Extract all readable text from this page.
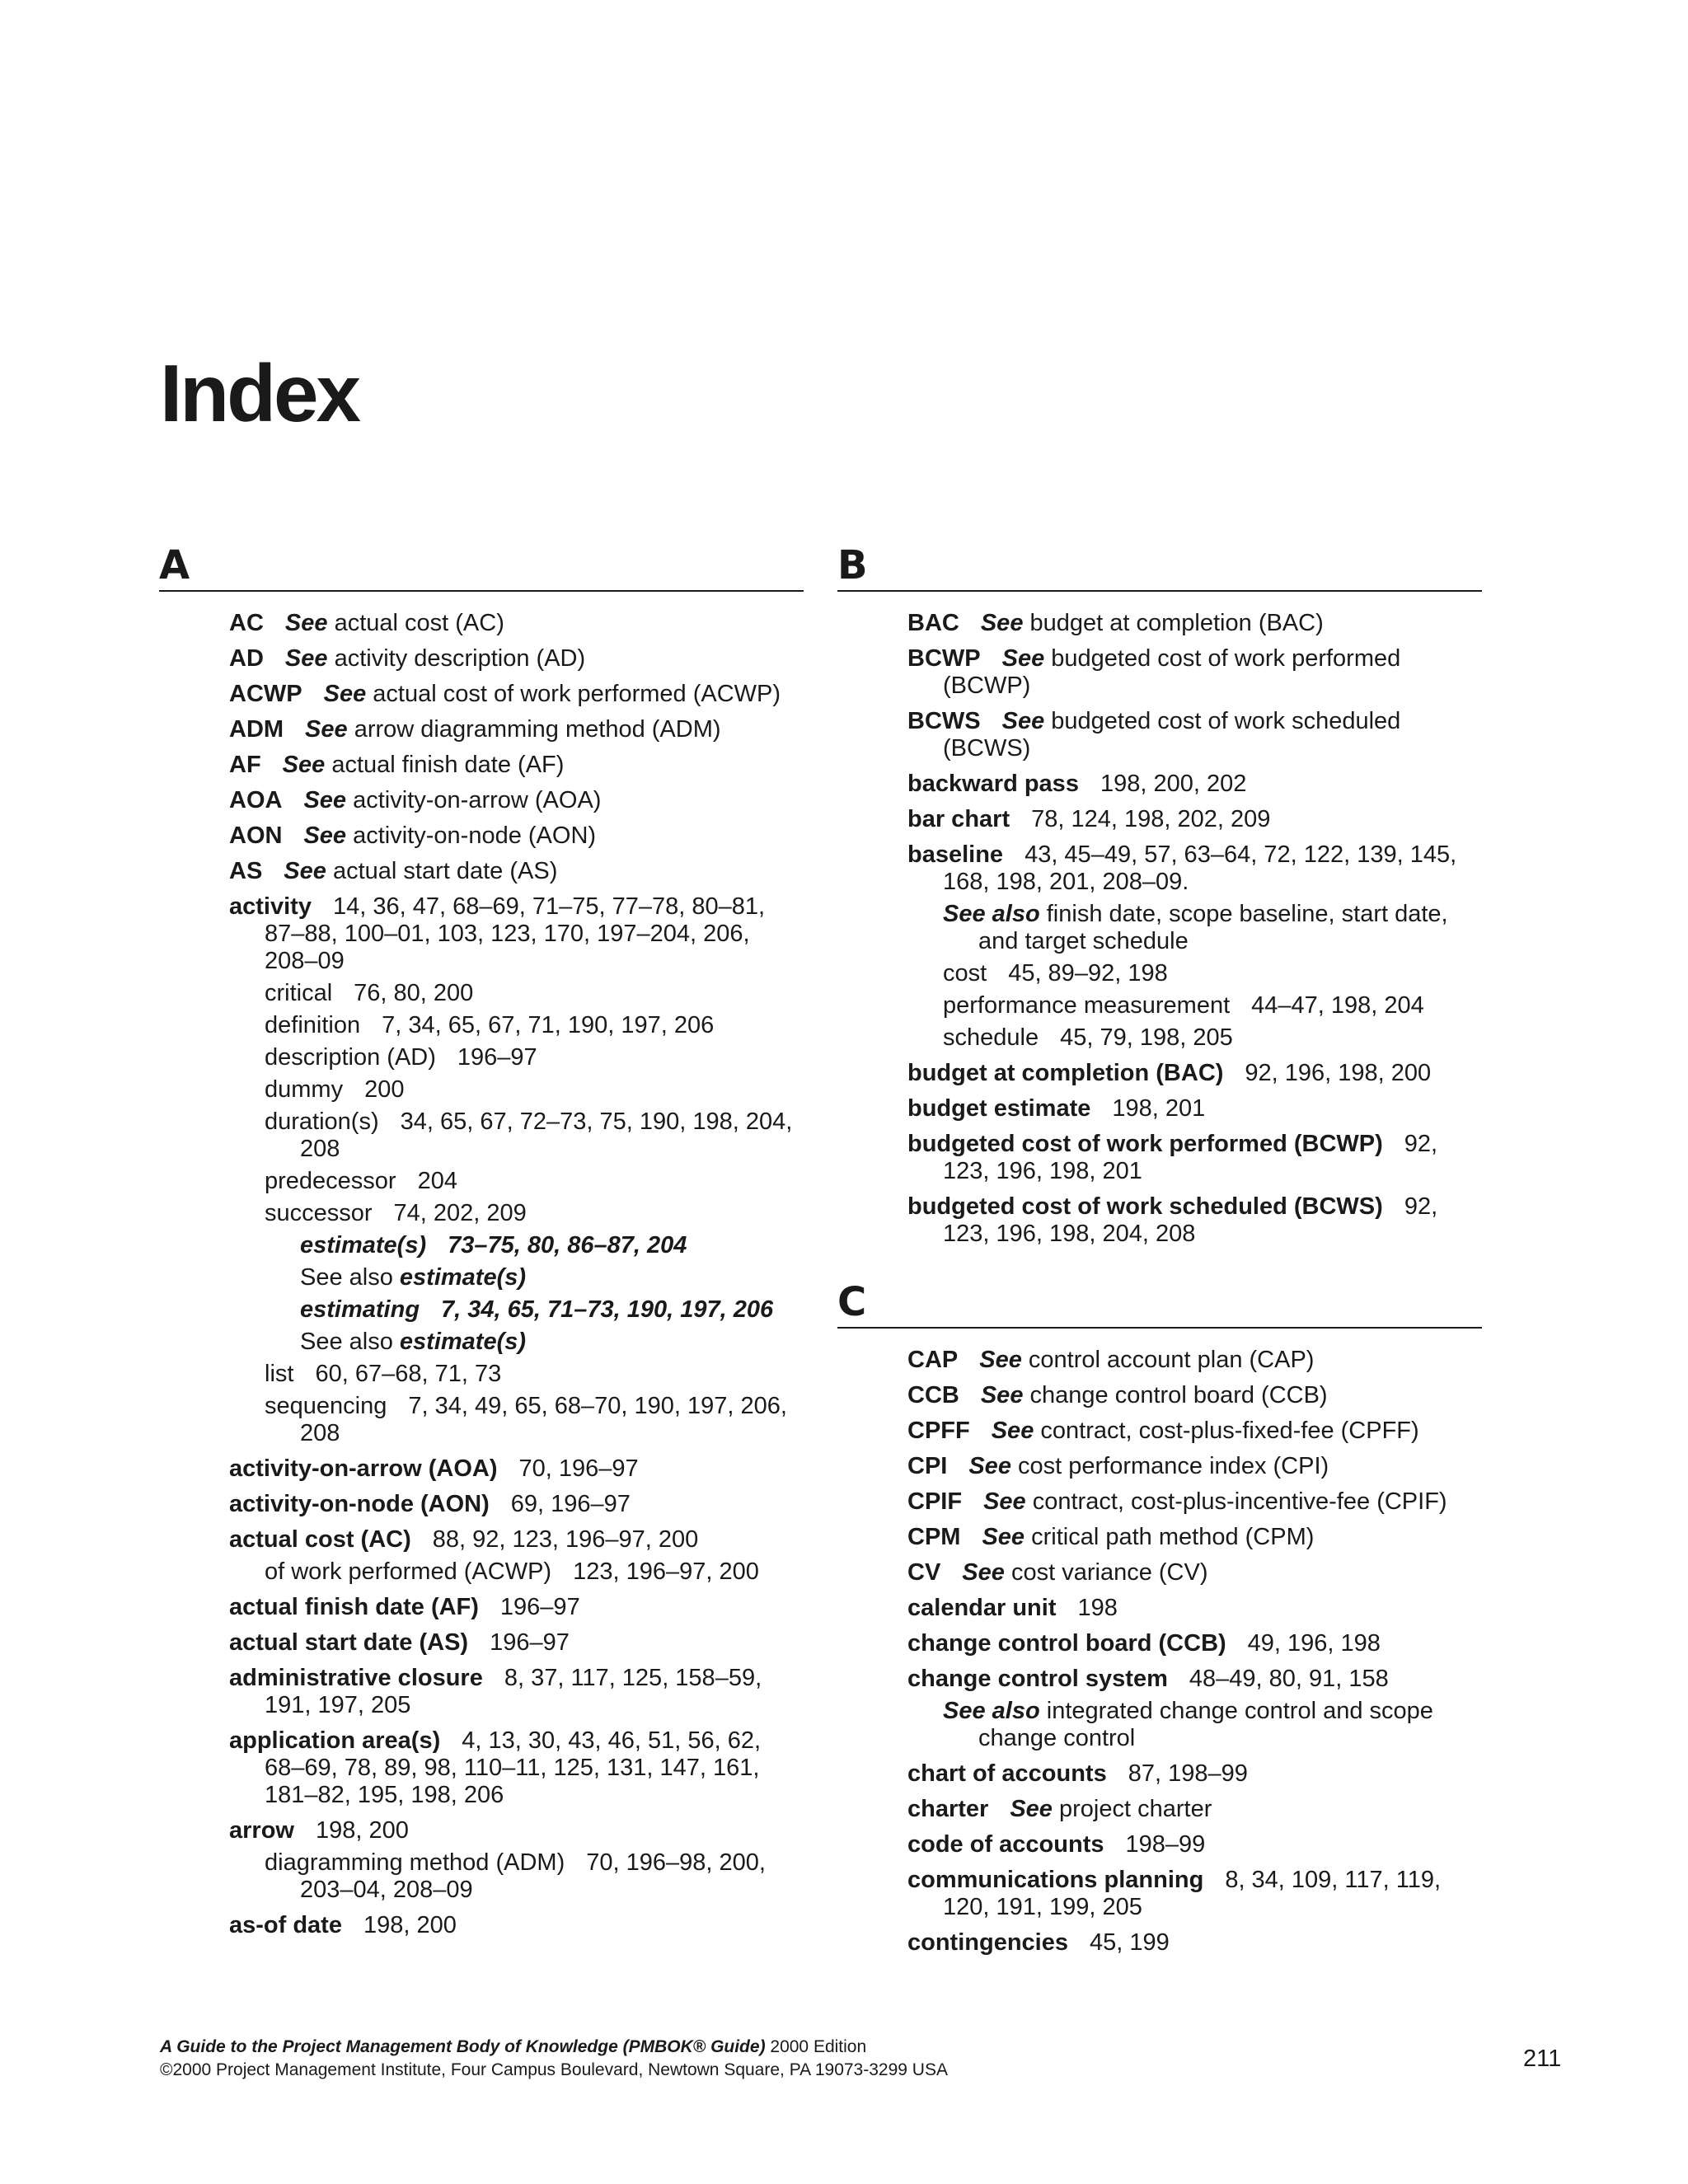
Index
A
AC See actual cost (AC)
AD See activity description (AD)
ACWP See actual cost of work performed (ACWP)
ADM See arrow diagramming method (ADM)
AF See actual finish date (AF)
AOA See activity-on-arrow (AOA)
AON See activity-on-node (AON)
AS See actual start date (AS)
activity 14, 36, 47, 68–69, 71–75, 77–78, 80–81, 87–88, 100–01, 103, 123, 170, 197–204, 206, 208–09
critical 76, 80, 200
definition 7, 34, 65, 67, 71, 190, 197, 206
description (AD) 196–97
dummy 200
duration(s) 34, 65, 67, 72–73, 75, 190, 198, 204, 208
predecessor 204
successor 74, 202, 209
estimate(s) 73–75, 80, 86–87, 204
See also estimate(s)
estimating 7, 34, 65, 71–73, 190, 197, 206
See also estimate(s)
list 60, 67–68, 71, 73
sequencing 7, 34, 49, 65, 68–70, 190, 197, 206, 208
activity-on-arrow (AOA) 70, 196–97
activity-on-node (AON) 69, 196–97
actual cost (AC) 88, 92, 123, 196–97, 200
of work performed (ACWP) 123, 196–97, 200
actual finish date (AF) 196–97
actual start date (AS) 196–97
administrative closure 8, 37, 117, 125, 158–59, 191, 197, 205
application area(s) 4, 13, 30, 43, 46, 51, 56, 62, 68–69, 78, 89, 98, 110–11, 125, 131, 147, 161, 181–82, 195, 198, 206
arrow 198, 200
diagramming method (ADM) 70, 196–98, 200, 203–04, 208–09
as-of date 198, 200
B
BAC See budget at completion (BAC)
BCWP See budgeted cost of work performed (BCWP)
BCWS See budgeted cost of work scheduled (BCWS)
backward pass 198, 200, 202
bar chart 78, 124, 198, 202, 209
baseline 43, 45–49, 57, 63–64, 72, 122, 139, 145, 168, 198, 201, 208–09.
See also finish date, scope baseline, start date, and target schedule
cost 45, 89–92, 198
performance measurement 44–47, 198, 204
schedule 45, 79, 198, 205
budget at completion (BAC) 92, 196, 198, 200
budget estimate 198, 201
budgeted cost of work performed (BCWP) 92, 123, 196, 198, 201
budgeted cost of work scheduled (BCWS) 92, 123, 196, 198, 204, 208
C
CAP See control account plan (CAP)
CCB See change control board (CCB)
CPFF See contract, cost-plus-fixed-fee (CPFF)
CPI See cost performance index (CPI)
CPIF See contract, cost-plus-incentive-fee (CPIF)
CPM See critical path method (CPM)
CV See cost variance (CV)
calendar unit 198
change control board (CCB) 49, 196, 198
change control system 48–49, 80, 91, 158
See also integrated change control and scope change control
chart of accounts 87, 198–99
charter See project charter
code of accounts 198–99
communications planning 8, 34, 109, 117, 119, 120, 191, 199, 205
contingencies 45, 199
A Guide to the Project Management Body of Knowledge (PMBOK® Guide) 2000 Edition
©2000 Project Management Institute, Four Campus Boulevard, Newtown Square, PA 19073-3299 USA	211
